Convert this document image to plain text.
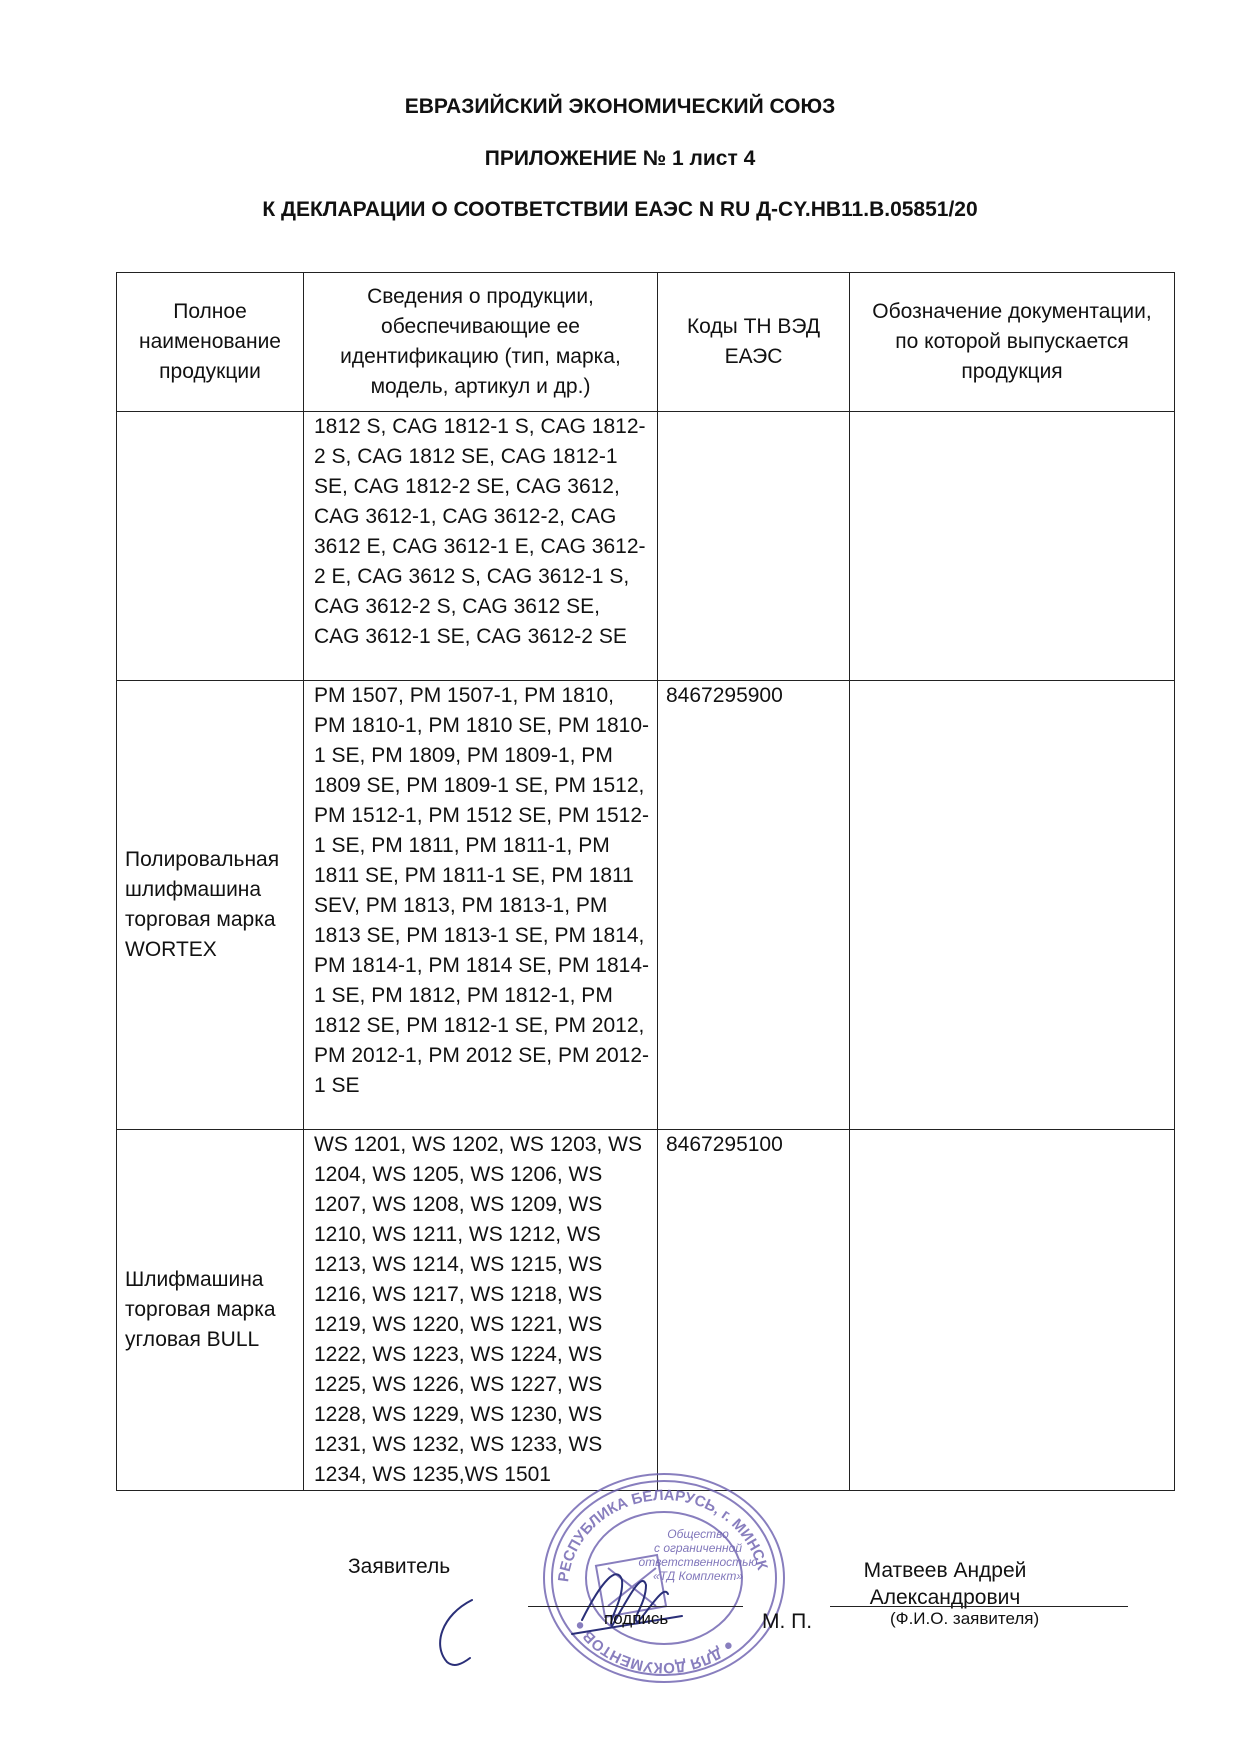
ЕВРАЗИЙСКИЙ ЭКОНОМИЧЕСКИЙ СОЮЗ
ПРИЛОЖЕНИЕ № 1 лист 4
К ДЕКЛАРАЦИИ О СООТВЕТСТВИИ ЕАЭС N RU Д-CY.НВ11.В.05851/20
Полное наименование продукции	Сведения о продукции, обеспечивающие ее идентификацию (тип, марка, модель, артикул и др.)	Коды ТН ВЭД ЕАЭС	Обозначение документации, по которой выпускается продукция
	1812 S, CAG 1812-1 S, CAG 1812-2 S, CAG 1812 SE, CAG 1812-1 SE, CAG 1812-2 SE, CAG 3612, CAG 3612-1, CAG 3612-2, CAG 3612 E, CAG 3612-1 E, CAG 3612-2 E, CAG 3612 S, CAG 3612-1 S, CAG 3612-2 S, CAG 3612 SE, CAG 3612-1 SE, CAG 3612-2 SE		
Полировальная шлифмашина торговая марка WORTEX	PM 1507, PM 1507-1, PM 1810, PM 1810-1, PM 1810 SE, PM 1810-1 SE, PM 1809, PM 1809-1, PM 1809 SE, PM 1809-1 SE, PM 1512, PM 1512-1, PM 1512 SE, PM 1512-1 SE, PM 1811, PM 1811-1, PM 1811 SE, PM 1811-1 SE, PM 1811 SEV, PM 1813, PM 1813-1, PM 1813 SE, PM 1813-1 SE, PM 1814, PM 1814-1, PM 1814 SE, PM 1814-1 SE, PM 1812, PM 1812-1, PM 1812 SE, PM 1812-1 SE, PM 2012, PM 2012-1, PM 2012 SE, PM 2012-1 SE	8467295900	
Шлифмашина торговая марка угловая BULL	WS 1201, WS 1202, WS 1203, WS 1204, WS 1205, WS 1206, WS 1207, WS 1208, WS 1209, WS 1210, WS 1211, WS 1212, WS 1213, WS 1214, WS 1215, WS 1216, WS 1217, WS 1218, WS 1219, WS 1220, WS 1221, WS 1222, WS 1223, WS 1224, WS 1225, WS 1226, WS 1227, WS 1228, WS 1229, WS 1230, WS 1231, WS 1232, WS 1233, WS 1234, WS 1235,WS 1501	8467295100	
РЕСПУБЛИКА БЕЛАРУСЬ, г. МИНСК
● ДЛЯ ДОКУМЕНТОВ ●
Общество
с ограниченной
ответственностью
«ТД Комплект»
Заявитель
подпись	М. П.
Матвеев Андрей Александрович
(Ф.И.О. заявителя)
